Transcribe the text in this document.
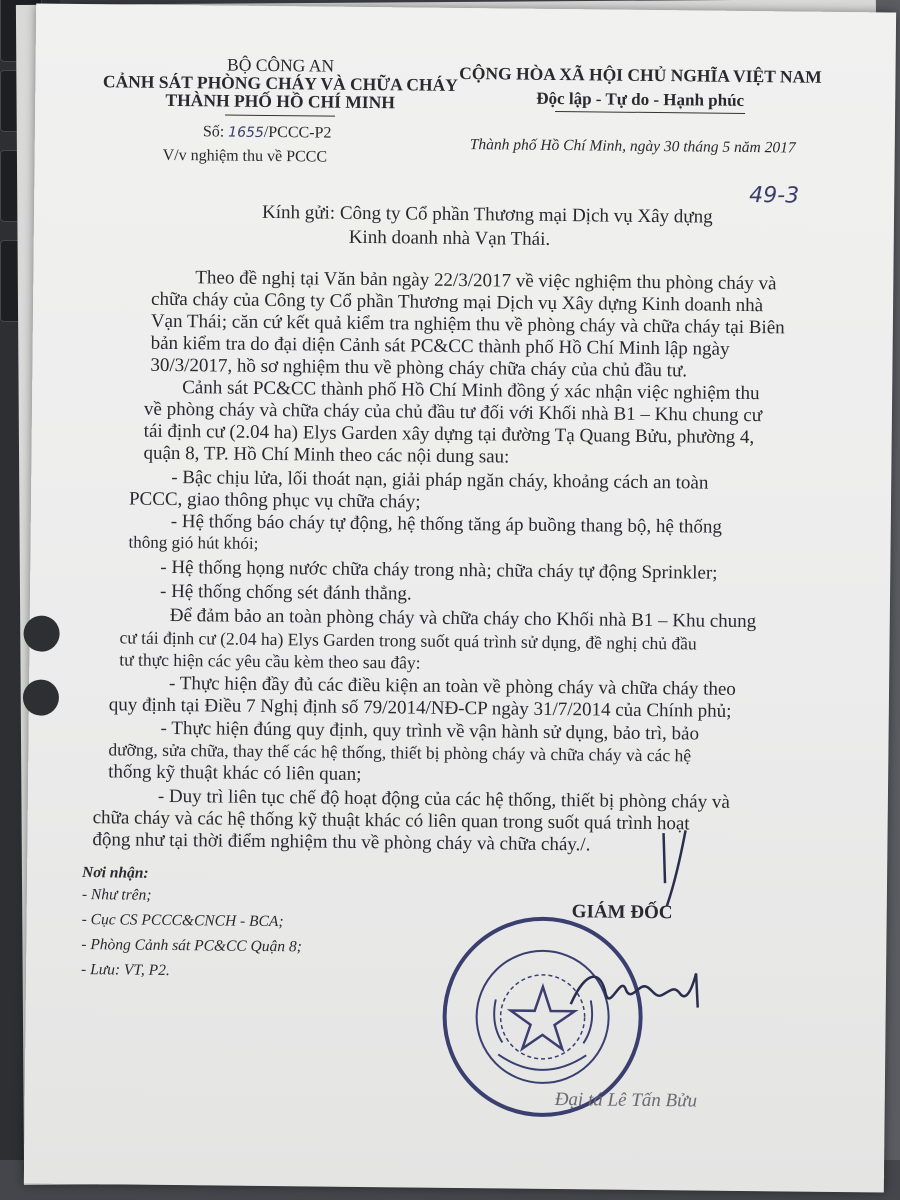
BỘ CÔNG AN
CẢNH SÁT PHÒNG CHÁY VÀ CHỮA CHÁY
THÀNH PHỐ HỒ CHÍ MINH
Số: 1655/PCCC-P2
V/v nghiệm thu về PCCC
CỘNG HÒA XÃ HỘI CHỦ NGHĨA VIỆT NAM
Độc lập - Tự do - Hạnh phúc
Thành phố Hồ Chí Minh, ngày 30 tháng 5 năm 2017
49-3
Kính gửi: Công ty Cổ phần Thương mại Dịch vụ Xây dựng
Kinh doanh nhà Vạn Thái.
Theo đề nghị tại Văn bản ngày 22/3/2017 về việc nghiệm thu phòng cháy và
chữa cháy của Công ty Cổ phần Thương mại Dịch vụ Xây dựng Kinh doanh nhà
Vạn Thái; căn cứ kết quả kiểm tra nghiệm thu về phòng cháy và chữa cháy tại Biên
bản kiểm tra do đại diện Cảnh sát PC&CC thành phố Hồ Chí Minh lập ngày
30/3/2017, hồ sơ nghiệm thu về phòng cháy chữa cháy của chủ đầu tư.
Cảnh sát PC&CC thành phố Hồ Chí Minh đồng ý xác nhận việc nghiệm thu
về phòng cháy và chữa cháy của chủ đầu tư đối với Khối nhà B1 – Khu chung cư
tái định cư (2.04 ha) Elys Garden xây dựng tại đường Tạ Quang Bửu, phường 4,
quận 8, TP. Hồ Chí Minh theo các nội dung sau:
- Bậc chịu lửa, lối thoát nạn, giải pháp ngăn cháy, khoảng cách an toàn
PCCC, giao thông phục vụ chữa cháy;
- Hệ thống báo cháy tự động, hệ thống tăng áp buồng thang bộ, hệ thống
thông gió hút khói;
- Hệ thống họng nước chữa cháy trong nhà; chữa cháy tự động Sprinkler;
- Hệ thống chống sét đánh thẳng.
Để đảm bảo an toàn phòng cháy và chữa cháy cho Khối nhà B1 – Khu chung
cư tái định cư (2.04 ha) Elys Garden trong suốt quá trình sử dụng, đề nghị chủ đầu
tư thực hiện các yêu cầu kèm theo sau đây:
- Thực hiện đầy đủ các điều kiện an toàn về phòng cháy và chữa cháy theo
quy định tại Điều 7 Nghị định số 79/2014/NĐ-CP ngày 31/7/2014 của Chính phủ;
- Thực hiện đúng quy định, quy trình về vận hành sử dụng, bảo trì, bảo
dưỡng, sửa chữa, thay thế các hệ thống, thiết bị phòng cháy và chữa cháy và các hệ
thống kỹ thuật khác có liên quan;
- Duy trì liên tục chế độ hoạt động của các hệ thống, thiết bị phòng cháy và
chữa cháy và các hệ thống kỹ thuật khác có liên quan trong suốt quá trình hoạt
động như tại thời điểm nghiệm thu về phòng cháy và chữa cháy./.
Nơi nhận:
- Như trên;
- Cục CS PCCC&CNCH - BCA;
- Phòng Cảnh sát PC&CC Quận 8;
- Lưu: VT, P2.
GIÁM ĐỐC
Đại tá Lê Tấn Bửu
